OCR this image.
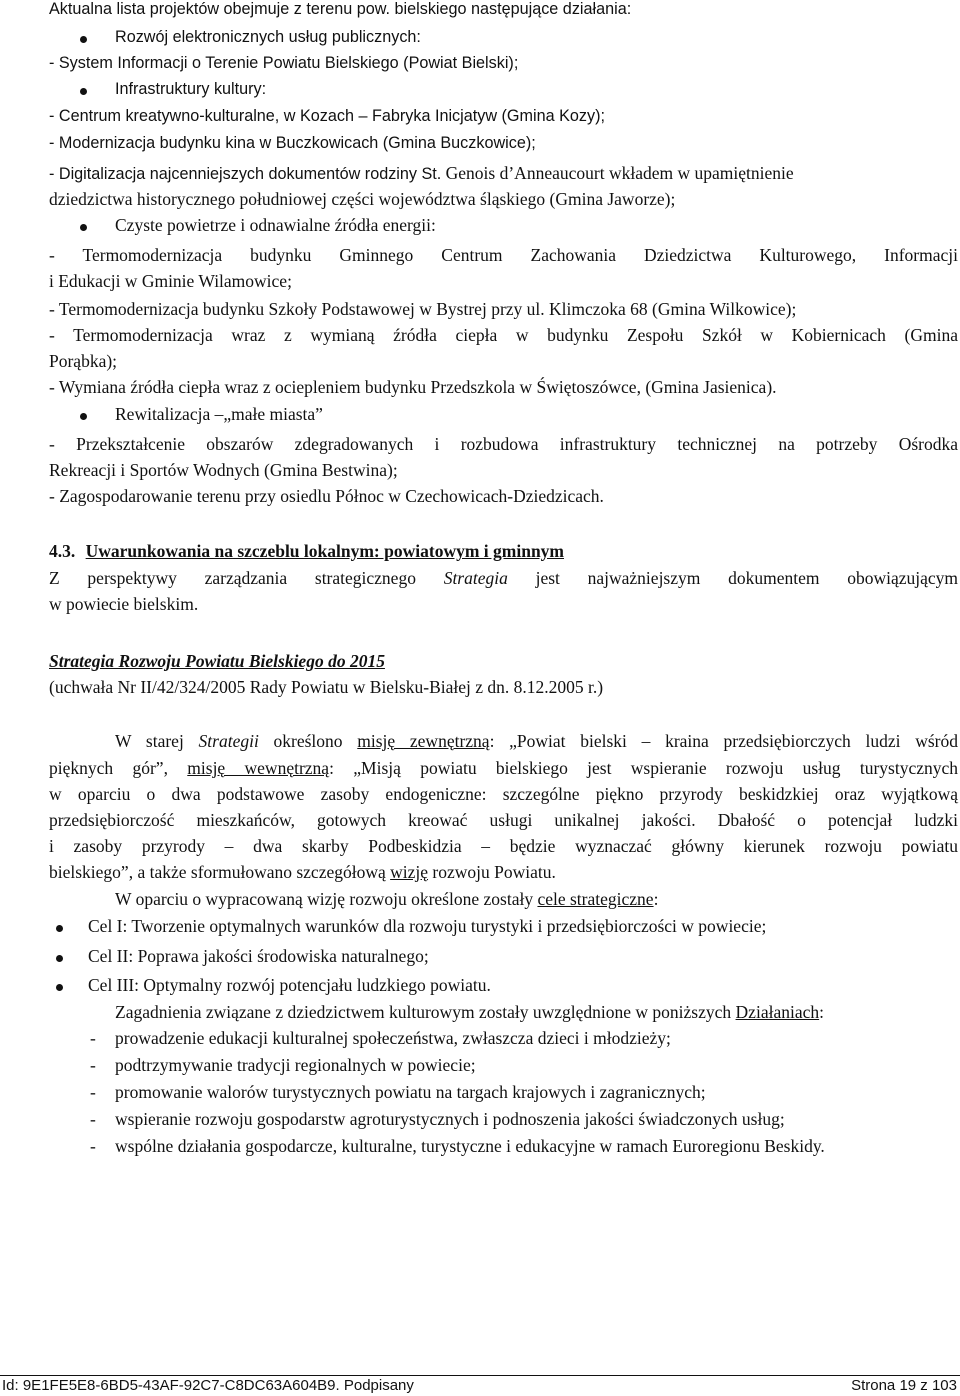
Aktualna lista projektów obejmuje z terenu pow. bielskiego następujące działania:
Rozwój elektronicznych usług publicznych:
- System Informacji o Terenie Powiatu Bielskiego (Powiat Bielski);
Infrastruktury kultury:
- Centrum kreatywno-kulturalne, w Kozach – Fabryka Inicjatyw (Gmina Kozy);
- Modernizacja budynku kina w Buczkowicach (Gmina Buczkowice);
- Digitalizacja najcenniejszych dokumentów rodziny St. Genois d’Anneaucourt wkładem w upamiętnienie
dziedzictwa historycznego południowej części województwa śląskiego (Gmina Jaworze);
Czyste powietrze i odnawialne źródła energii:
- Termomodernizacja budynku Gminnego Centrum Zachowania Dziedzictwa Kulturowego, Informacji
i Edukacji w Gminie Wilamowice;
- Termomodernizacja budynku Szkoły Podstawowej w Bystrej przy ul. Klimczoka 68 (Gmina Wilkowice);
- Termomodernizacja wraz z wymianą źródła ciepła w budynku Zespołu Szkół w Kobiernicach (Gmina
Porąbka);
- Wymiana źródła ciepła wraz z ociepleniem budynku Przedszkola w Świętoszówce, (Gmina Jasienica).
Rewitalizacja –„małe miasta”
- Przekształcenie obszarów zdegradowanych i rozbudowa infrastruktury technicznej na potrzeby Ośrodka
Rekreacji i Sportów Wodnych (Gmina Bestwina);
- Zagospodarowanie terenu przy osiedlu Północ w Czechowicach-Dziedzicach.
4.3. Uwarunkowania na szczeblu lokalnym: powiatowym i gminnym
Z perspektywy zarządzania strategicznego Strategia jest najważniejszym dokumentem obowiązującym
w powiecie bielskim.
Strategia Rozwoju Powiatu Bielskiego do 2015
(uchwała Nr II/42/324/2005 Rady Powiatu w Bielsku-Białej z dn. 8.12.2005 r.)
W starej Strategii określono misję zewnętrzną: „Powiat bielski – kraina przedsiębiorczych ludzi wśród
pięknych gór”, misję wewnętrzną: „Misją powiatu bielskiego jest wspieranie rozwoju usług turystycznych
w oparciu o dwa podstawowe zasoby endogeniczne: szczególne piękno przyrody beskidzkiej oraz wyjątkową
przedsiębiorczość mieszkańców, gotowych kreować usługi unikalnej jakości. Dbałość o potencjał ludzki
i zasoby przyrody – dwa skarby Podbeskidzia – będzie wyznaczać główny kierunek rozwoju powiatu
bielskiego”, a także sformułowano szczegółową wizję rozwoju Powiatu.
W oparciu o wypracowaną wizję rozwoju określone zostały cele strategiczne:
Cel I: Tworzenie optymalnych warunków dla rozwoju turystyki i przedsiębiorczości w powiecie;
Cel II: Poprawa jakości środowiska naturalnego;
Cel III: Optymalny rozwój potencjału ludzkiego powiatu.
Zagadnienia związane z dziedzictwem kulturowym zostały uwzględnione w poniższych Działaniach:
- prowadzenie edukacji kulturalnej społeczeństwa, zwłaszcza dzieci i młodzieży;
- podtrzymywanie tradycji regionalnych w powiecie;
- promowanie walorów turystycznych powiatu na targach krajowych i zagranicznych;
- wspieranie rozwoju gospodarstw agroturystycznych i podnoszenia jakości świadczonych usług;
- wspólne działania gospodarcze, kulturalne, turystyczne i edukacyjne w ramach Euroregionu Beskidy.
Id: 9E1FE5E8-6BD5-43AF-92C7-C8DC63A604B9. Podpisany	Strona 19 z 103
